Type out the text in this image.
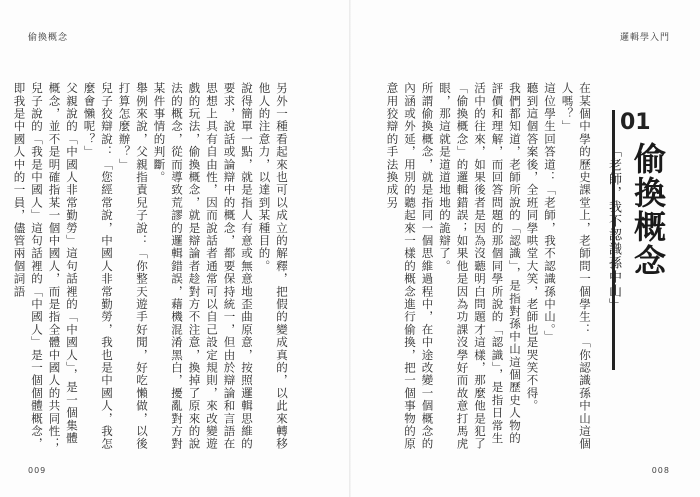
偷換概念

另外一種看起來也可以成立的解釋，把假的變成真的，以此來轉移他人的注意力，以達到某種目的。

說得簡單一點，就是指人有意或無意地歪曲原意，按照邏輯思維的要求，說話或論辯中的概念，都要保持統一，但由於辯論和言語在思想上具有自由性，因而說話者通常可以自己設定規則，來改變遊戲的玩法，偷換概念，就是辯論者趁對方不注意，換掉了原來的說法的概念，從而導致荒謬的邏輯錯誤，藉機混淆黑白，擾亂對方對某件事情的判斷。

舉例來說，父親指責兒子說：「你整天遊手好閒，好吃懶做，以後打算怎麼辦？」

兒子狡辯說：「您經常說，中國人非常勤勞，我也是中國人，我怎麼會懶呢？」

父親說的「中國人非常勤勞」這句話裡的「中國人」，是一個集體概念，並不是明確指某一個中國人，而是指全體中國人的共同性；兒子說的「我是中國人」這句話裡的「中國人」是一個個體概念，即我是中國人中的一員，儘管兩個詞語

009
邏輯學入門

在某個中學的歷史課堂上，老師問一個學生：「你認識孫中山這個人嗎？」

這位學生回答道：「老師，我不認識孫中山。」

聽到這個答案後，全班同學哄堂大笑，老師也是哭笑不得。

我們都知道，老師所說的「認識」，是指對孫中山這個歷史人物的評價和理解，而回答問題的那個同學所說的「認識」，是指日常生活中的往來，如果後者是因為沒聽明白問題才這樣，那麼他是犯了「偷換概念」的邏輯錯誤；如果他是因為功課沒學好而故意打馬虎眼，那這就是道道地地的詭辯了。

所謂偷換概念，就是指同一個思維過程中，在中途改變一個概念的內涵或外延，用別的聽起來一樣的概念進行偷換，把一個事物的原意用狡辯的手法換成另	「老師，我不認識孫中山」
01
偷換概念
008
